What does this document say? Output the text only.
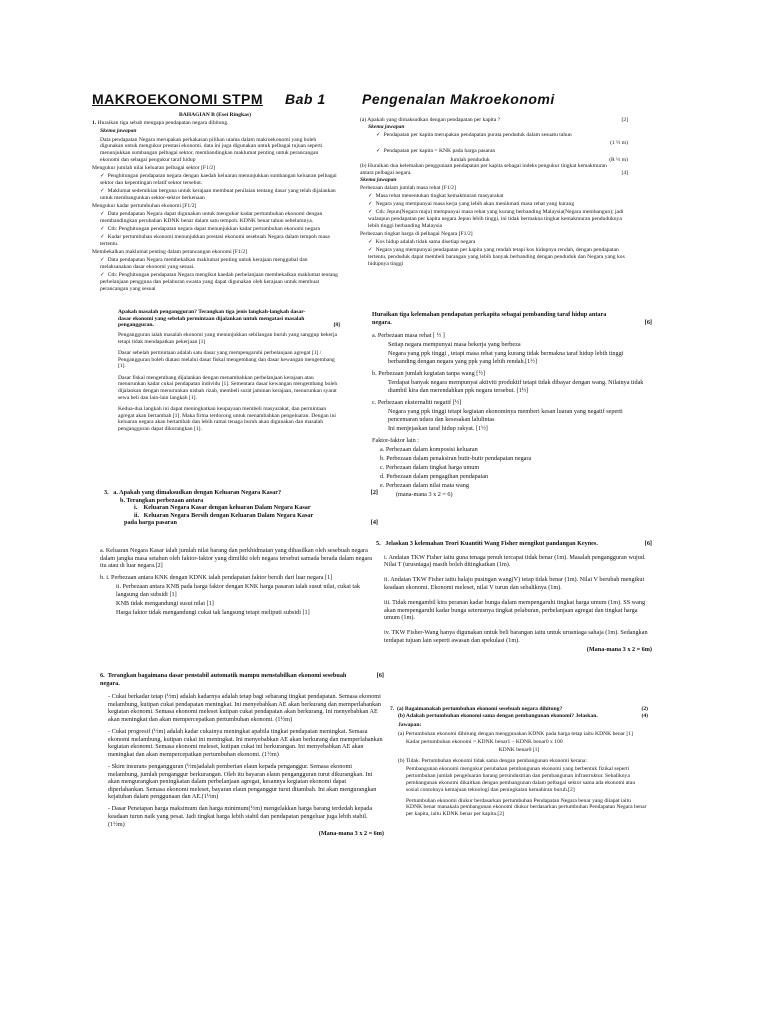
MAKROEKONOMI STPM Bab 1	Pengenalan Makroekonomi

BAHAGIAN B (Esei Ringkas)

1. Huraikan tiga sebab mengapa pendapatan negara dihitung.

Skema jawapan

Data pendapatan Negara merupakan perkakasan pilihan utama dalam makroekonomi yang boleh digunakan untuk mengukur prestasi ekonomi. data ini juga digunakan untuk pelbagai tujuan seperti menunjukkan sumbangan pelbagai sektor, membandingkan maklumat penting untuk perancangan ekonomi dan sebagai pengukur taraf hidup

Mengukur jumlah nilai keluaran pelbagai sektor [F1/2]

✓ Penghitungan pendapatan negara dengan kaedah keluaran menunjukkan sumbangan keluaran pelbagai sektor dan kepentingan relatif sektor tersebut.

✓ Maklumat sedemikian berguna untuk kerajaan membuat penilaian tentang dasar yang telah dijalankan untuk membangunkan sektor-sektor berkenaan

Mengukur kadar pertumbuhan ekonomi [F1/2]

✓ Data pendapatan Negara dapat digunakan untuk mengukur kadar pertumbuhan ekonomi dengan membandingkan perubahan KDNK benar dalam satu tempoh. KDNK benar tahun sebelumnya.

✓ Cth: Penghitungan pendapatan negara dapat menunjukkan kadar pertumbuhan ekonomi negara

✓ Kadar pertumbuhan ekonomi menunjukkan prestasi ekonomi sesebuah Negara dalam tempoh masa tertentu.

Membekalkan maklumat penting dalam perancangan ekonomi [F1/2]

✓ Data pendapatan Negara membekalkan maklumat penting untuk kerajaan menggubal dan melaksanakan dasar ekonomi yang sesuai.

✓ Cth: Penghitungan pendapatan Negara mengikut kaedah perbelanjaan membekalkan maklumat tentang perbelanjaan pengguna dan pelaburan swasta yang dapat digunakan oleh kerajaan untuk membuat perancangan yang sesuai

Apakah masalah pengangguran? Terangkan tiga jenis langkah-langkah dasar-dasar ekonomi yang sebelah permintaan dijalankan untuk mengatasi masalah pengangguran.	[8]

Pengangguran ialah masalah ekonomi yang menunjukkan sebilangan buruh yang sanggup bekerja tetapi tidak mendapatkan pekerjaan [1]

Dasar sebelah permintaan adalah satu dasar yang mempengaruhi perbelanjaan agregat [1] / Pengangguran boleh diatasi melalui dasar fiskal mengembang dan dasar kewangan mengembang [1].

Dasar fiskal mengembang dijalankan dengan menambahkan perbelanjaan kerajaan atau menurunkan kadar cukai pendapatan individu [1]. Sementara dasar kewangan mengembang boleh dijalankan dengan menurunkan nisbah rizab, membeli surat jaminan kerajaan, menurunkan syarat sewa beli dan lain-lain langkah [1].

Kedua-dua langkah ini dapat meningkatkan keupayaan membeli masyarakat, dan permintaan agregat akan bertambah [1]. Maka firma terdorong untuk menambahkan pengeluaran. Dengan ini keluaran negara akan bertambah dan lebih ramai tenaga buruh akan digunakan dan masalah pengangguran dapat dikurangkan [1].

3. a. Apakah yang dimaksudkan dengan Keluaran Negara Kasar?	[2]
b. Terangkan perbezaan antara
i. Keluaran Negara Kasar dengan keluaran Dalam Negara Kasar
ii. Keluaran Negara Bersih dengan Keluaran Dalam Negara Kasar
pada harga pasaran	[4]

a. Keluaran Negara Kasar ialah jumlah nilai barang dan perkhidmatan yang dihasilkan oleh sesebuah negara dalam jangka masa setahun oleh faktor-faktor yang dimiliki oleh negara tersebut samada berada dalam negara itu atau di luar negara.[2]

b. i. Perbezaan antara KNK dengan KDNK ialah pendapatan faktor bersih dari luar negara [1]

ii. Perbezaan antara KNB pada harga faktor dengan KNK harga pasaran ialah susut nilai, cukai tak langsung dan subsidi [1]

KNB tidak mengandungi susut nilai [1]

Harga faktor tidak mengandungi cukai tak langsung tetapi meliputi subsidi [1]

6. Terangkan bagaimana dasar penstabil automatik mampu menstabilkan ekonomi sesebuah negara.
[6]

- Cukai berkadar tetap (½m) adalah kadarnya adalah tetap bagi sebarang tingkat pendapatan. Semasa ekonomi melambung, kutipan cukai pendapatan meningkat. Ini menyebabkan AE akan berkurang dan memperlahankan kegiatan ekonomi. Semasa ekonomi meleset kutipan cukai pendapatan akan berkurang. Ini menyebabkan AE akan meningkat dan akan mempercepatkan pertumbuhan ekonomi. (1½m)

- Cukai progresif (½m) adalah kadar cukainya meningkat apabila tingkat pendapatan meningkat. Semasa ekonomi melambung, kutipan cukai ini meningkat. Ini menyebabkan AE akan berkurang dan memperlahankan kegiatan ekonomi. Semasa ekonomi meleset, kutipan cukai ini berkurangan. Ini menyebabkan AE akan meningkat dan akan mempercepatkan pertumbuhan ekonomi. (1½m)

- Skim insurans pengangguran (½m)adalah pemberian elaun kepada penganggur. Semasa ekonomi melambung, jumlah penganggur berkurangan. Oleh itu bayaran elaun pengangguran turut dikurangkan. Ini akan mengurangkan peningkatan dalam perbelanjaan agregat, kesannya kegiatan ekonomi dapat diperlahankan. Semasa ekonomi meleset, bayaran elaun penganggur turut ditambah. Ini akan mengurangkan kejatuhan dalam penggunaan dan AE.(1½m)

- Dasar Penetapan harga maksimum dan harga minimum(½m) mengelakkan harga barang terdedah kepada keadaan turun naik yang pesat. Jadi tingkat harga lebih stabil dan pendapatan pengeluar juga lebih stabil.(1½m)

(Mana-mana 3 x 2 = 6m)

(a) Apakah yang dimaksudkan dengan pendapatan per kapita ?	[2]

Skema jawapan

✓ Pendapatan per kapita merupakan pendapatan purata penduduk dalam sesuatu tahun

(1 ½ m)

✓ Pendapatan per kapita = KNK pada harga pasaran

Jumlah penduduk	(R ½ m)
(b) Huraikan dua kelemahan penggunaan pendapatan per kapita sebagai indeks pengukur tingkat kemakmuran antara pelbagai negara.	[4]

Skema jawapan

Perbezaan dalam jumlah masa rehat [F1/2]

✓ Masa rehat menentukan tingkat kemakmuran masyarakat

✓ Negara yang mempunyai masa kerja yang lebih akan menikmati masa rehat yang kurang

✓ Cth: Jepun(Negara maju) mempunyai masa rehat yang kurang berbanding Malaysia(Negara membangun); jadi walaupun pendapatan per kapita negara Jepun lebih tinggi, ini tidak bermakna tingkat kemakmuran penduduknya lebih tinggi berbanding Malaysia

Perbezaan tingkat harga di pelbagai Negara [F1/2]

✓ Kos hidup adalah tidak sama disetiap negara

✓ Negara yang mempunyai pendapatan per kapita yang rendah tetapi kos hidupnya rendah, dengan pendapatan tertentu, penduduk dapat membeli barangan yang lebih banyak berbanding dengan penduduk dan Negara yang kos hidupnya tinggi

Huraikan tiga kelemahan pendapatan perkapita sebagai pembanding taraf hidup antara negara.	[6]

a. Perbezaan masa rehat [ ½ ]

Setiap negara mempunyai masa bekerja yang berbeza

Negara yang ppk tinggi , tetapi masa rehat yang kurang tidak bermakna taraf hidup lebih tinggi berbanding dengan negara yang ppk yang lebih rendah.[1½]

b. Perbezaan jumlah kegiatan tanpa wang [½]

Terdapat banyak negara mempunyai aktiviti produktif tetapi tidak dibayar dengan wang. Nilainya tidak diambil kira dan merendahkan ppk negara tersebut. [1½]

c. Perbezaan eksternaliti negatif [½]

Negara yang ppk tinggi tetapi kegiatan ekonominya memberi kesan luaran yang negatif seperti pencemaran udara dan kesesakan lalulintas

Ini menjejaskan taraf hidup rakyat. [1½]

Faktor-faktor lain :

a. Perbezaan dalam komposisi keluaran

b. Perbezaan dalam penaksiran butir-butir pendapatan negara

c. Perbezaan dalam tingkat harga umum

d. Perbezaan dalam pengagihan pendapatan

e. Perbezaan dalam nilai mata wang

(mana-mana 3 x 2 = 6)

5. Jelaskan 3 kelemahan Teori Kuantiti Wang Fisher mengikut pandangan Keynes.	[6]

i. Andaian TKW Fisher iaitu guna tenaga penuh tercapai tidak benar (1m). Masalah pengangguran wujud. Nilai T (urusniaga) masih boleh ditingkatkan (1m).

ii. Andaian TKW Fisher iaitu halaju pusingan wang(V) tetap tidak benar (1m). Nilai V berubah mengikut keadaan ekonomi. Ekonomi meleset, nilai V turun dan sebaliknya (1m).

iii. Tidak mengambil kira peranan kadar bunga dalam mempengaruhi tingkat harga umum (1m). SS wang akan mempengaruhi kadar bunga seterusnya tingkat pelaburan, perbelanjaan agregat dan tingkat harga umum (1m).

iv. TKW Fisher-Wang hanya digunakan untuk beli barangan iaitu untuk urusniaga sahaja (1m). Sedangkan terdapat tujuan lain seperti awasan dan spekulasi (1m).

(Mana-mana 3 x 2 = 6m)

7. (a) Bagaimanakah pertumbuhan ekonomi sesebuah negara dihitung?	(2)
(b) Adakah pertumbuhan ekonomi sama dengan pembangunan ekonomi? Jelaskan.	(4)

Jawapan:

(a) Pertumbuhan ekonomi dihitung dengan menggunakan KDNK pada harga tetap iaitu KDNK benar [1]

Kadar pertumbuhan ekonomi = KDNK benar1 – KDNK benar0 x 100

KDNK benar0 [1]

(b) Tidak. Pertumbuhan ekonomi tidak sama dengan pembangunan ekonomi kerana:

Pembangunan ekonomi mengukur perubahan pembangunan ekonomi yang berbentuk fizikal seperti pertumbuhan jumlah pengeluaran barang persindustrian dan pembangunan infrastruktur. Sebaliknya pembangunan ekonomi dikaitkan dengan pembangunan dalam pelbagai sektor sama ada ekonomi atau sosial contohnya kemajuan teknologi dan peningkatan kemahiran buruh.[2]

Pertumbuhan ekonomi diukur berdasarkan pertumbuhan Pendapatan Negara benar yang diiapat iaitu KDNK benar manakala pembangunan ekonomi diukur berdasarkan pertumbuhan Pendapatan Negara benar per kapita, iaitu KDNK benar per kapita.[2]
